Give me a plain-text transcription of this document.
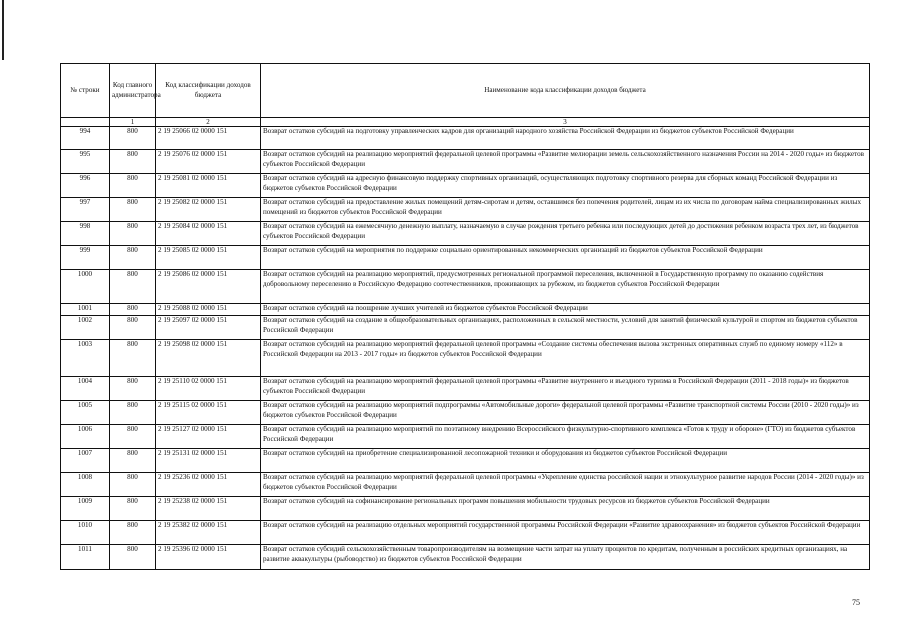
№ строки	Код главного администратора	Код классификации доходов бюджета	Наименование кода классификации доходов бюджета
	1	2	3
994	800	2 19 25066 02 0000 151	Возврат остатков субсидий на подготовку управленческих кадров для организаций народного хозяйства Российской Федерации из бюджетов субъектов Российской Федерации
995	800	2 19 25076 02 0000 151	Возврат остатков субсидий на реализацию мероприятий федеральной целевой программы «Развитие мелиорации земель сельскохозяйственного назначения России на 2014 - 2020 годы» из бюджетов субъектов Российской Федерации
996	800	2 19 25081 02 0000 151	Возврат остатков субсидий на адресную финансовую поддержку спортивных организаций, осуществляющих подготовку спортивного резерва для сборных команд Российской Федерации из бюджетов субъектов Российской Федерации
997	800	2 19 25082 02 0000 151	Возврат остатков субсидий на предоставление жилых помещений детям-сиротам и детям, оставшимся без попечения родителей, лицам из их числа по договорам найма специализированных жилых помещений из бюджетов субъектов Российской Федерации
998	800	2 19 25084 02 0000 151	Возврат остатков субсидий на ежемесячную денежную выплату, назначаемую в случае рождения третьего ребенка или последующих детей до достижения ребенком возраста трех лет, из бюджетов субъектов Российской Федерации
999	800	2 19 25085 02 0000 151	Возврат остатков субсидий на мероприятия по поддержке социально ориентированных некоммерческих организаций из бюджетов субъектов Российской Федерации
1000	800	2 19 25086 02 0000 151	Возврат остатков субсидий на реализацию мероприятий, предусмотренных региональной программой переселения, включенной в Государственную программу по оказанию содействия добровольному переселению в Российскую Федерацию соотечественников, проживающих за рубежом, из бюджетов субъектов Российской Федерации
1001	800	2 19 25088 02 0000 151	Возврат остатков субсидий на поощрение лучших учителей из бюджетов субъектов Российской Федерации
1002	800	2 19 25097 02 0000 151	Возврат остатков субсидий на создание в общеобразовательных организациях, расположенных в сельской местности, условий для занятий физической культурой и спортом из бюджетов субъектов Российской Федерации
1003	800	2 19 25098 02 0000 151	Возврат остатков субсидий на реализацию мероприятий федеральной целевой программы «Создание системы обеспечения вызова экстренных оперативных служб по единому номеру «112» в Российской Федерации на 2013 - 2017 годы» из бюджетов субъектов Российской Федерации
1004	800	2 19 25110 02 0000 151	Возврат остатков субсидий на реализацию мероприятий федеральной целевой программы «Развитие внутреннего и въездного туризма в Российской Федерации (2011 - 2018 годы)» из бюджетов субъектов Российской Федерации
1005	800	2 19 25115 02 0000 151	Возврат остатков субсидий на реализацию мероприятий подпрограммы «Автомобильные дороги» федеральной целевой программы «Развитие транспортной системы России (2010 - 2020 годы)» из бюджетов субъектов Российской Федерации
1006	800	2 19 25127 02 0000 151	Возврат остатков субсидий на реализацию мероприятий по поэтапному внедрению Всероссийского физкультурно-спортивного комплекса «Готов к труду и обороне» (ГТО) из бюджетов субъектов Российской Федерации
1007	800	2 19 25131 02 0000 151	Возврат остатков субсидий на приобретение специализированной лесопожарной техники и оборудования из бюджетов субъектов Российской Федерации
1008	800	2 19 25236 02 0000 151	Возврат остатков субсидий на реализацию мероприятий федеральной целевой программы «Укрепление единства российской нации и этнокультурное развитие народов России (2014 - 2020 годы)» из бюджетов субъектов Российской Федерации
1009	800	2 19 25238 02 0000 151	Возврат остатков субсидий на софинансирование региональных программ повышения мобильности трудовых ресурсов из бюджетов субъектов Российской Федерации
1010	800	2 19 25382 02 0000 151	Возврат остатков субсидий на реализацию отдельных мероприятий государственной программы Российской Федерации «Развитие здравоохранения» из бюджетов субъектов Российской Федерации
1011	800	2 19 25396 02 0000 151	Возврат остатков субсидий сельскохозяйственным товаропроизводителям на возмещение части затрат на уплату процентов по кредитам, полученным в российских кредитных организациях, на развитие аквакультуры (рыбоводство) из бюджетов субъектов Российской Федерации
75
